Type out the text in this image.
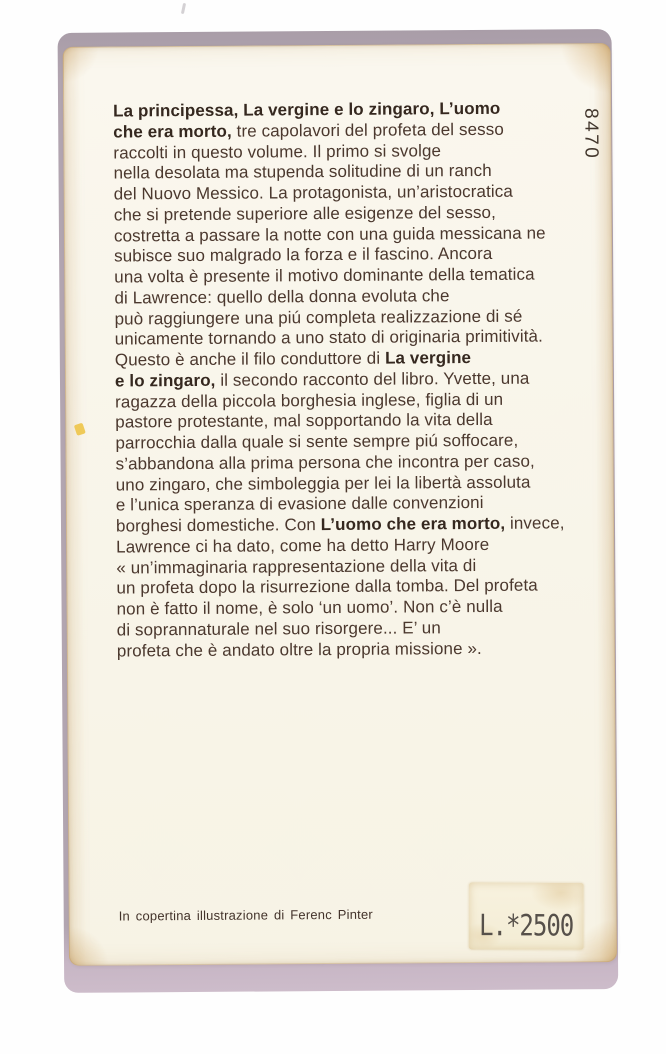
La principessa, La vergine e lo zingaro, L’uomo
che era morto, tre capolavori del profeta del sesso
raccolti in questo volume. Il primo si svolge
nella desolata ma stupenda solitudine di un ranch
del Nuovo Messico. La protagonista, un’aristocratica
che si pretende superiore alle esigenze del sesso,
costretta a passare la notte con una guida messicana ne
subisce suo malgrado la forza e il fascino. Ancora
una volta è presente il motivo dominante della tematica
di Lawrence: quello della donna evoluta che
può raggiungere una piú completa realizzazione di sé
unicamente tornando a uno stato di originaria primitività.
Questo è anche il filo conduttore di La vergine
e lo zingaro, il secondo racconto del libro. Yvette, una
ragazza della piccola borghesia inglese, figlia di un
pastore protestante, mal sopportando la vita della
parrocchia dalla quale si sente sempre piú soffocare,
s’abbandona alla prima persona che incontra per caso,
uno zingaro, che simboleggia per lei la libertà assoluta
e l’unica speranza di evasione dalle convenzioni
borghesi domestiche. Con L’uomo che era morto, invece,
Lawrence ci ha dato, come ha detto Harry Moore
« un’immaginaria rappresentazione della vita di
un profeta dopo la risurrezione dalla tomba. Del profeta
non è fatto il nome, è solo ‘un uomo’. Non c’è nulla
di soprannaturale nel suo risorgere... E’ un
profeta che è andato oltre la propria missione ».
8470
In copertina illustrazione di Ferenc Pinter	L.*2500
